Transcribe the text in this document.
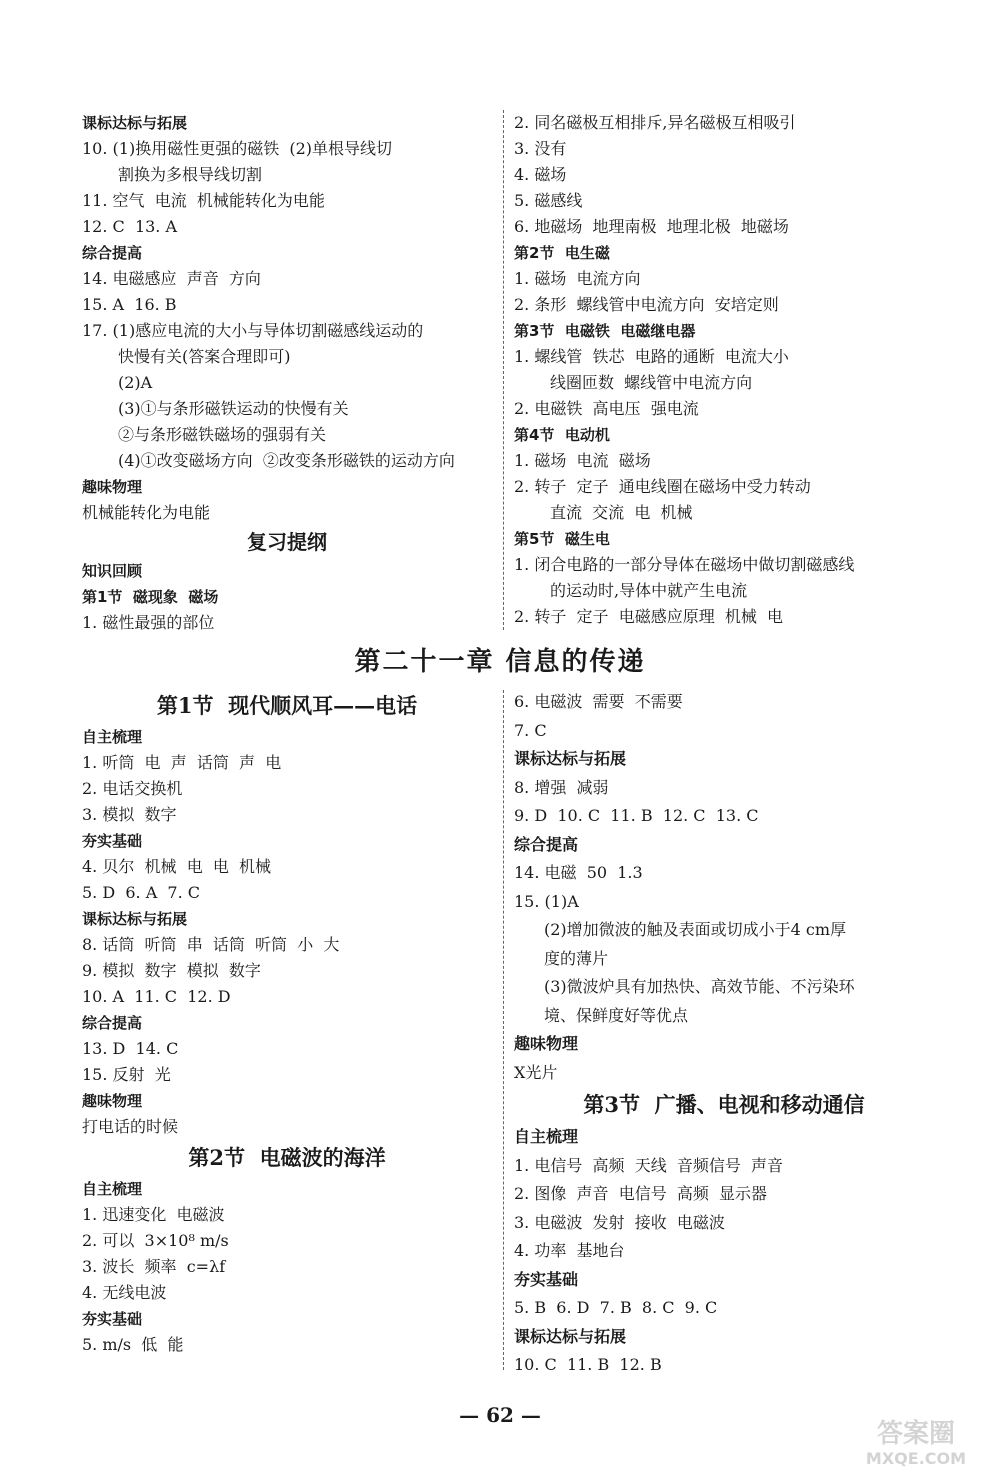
课标达标与拓展
10. (1)换用磁性更强的磁铁  (2)单根导线切
割换为多根导线切割
11. 空气  电流  机械能转化为电能
12. C  13. A
综合提高
14. 电磁感应  声音  方向
15. A  16. B
17. (1)感应电流的大小与导体切割磁感线运动的
快慢有关(答案合理即可)
(2)A
(3)①与条形磁铁运动的快慢有关
②与条形磁铁磁场的强弱有关
(4)①改变磁场方向  ②改变条形磁铁的运动方向
趣味物理
机械能转化为电能
复习提纲
知识回顾
第1节  磁现象  磁场
1. 磁性最强的部位
2. 同名磁极互相排斥,异名磁极互相吸引
3. 没有
4. 磁场
5. 磁感线
6. 地磁场  地理南极  地理北极  地磁场
第2节  电生磁
1. 磁场  电流方向
2. 条形  螺线管中电流方向  安培定则
第3节  电磁铁  电磁继电器
1. 螺线管  铁芯  电路的通断  电流大小
线圈匝数  螺线管中电流方向
2. 电磁铁  高电压  强电流
第4节  电动机
1. 磁场  电流  磁场
2. 转子  定子  通电线圈在磁场中受力转动
直流  交流  电  机械
第5节  磁生电
1. 闭合电路的一部分导体在磁场中做切割磁感线
的运动时,导体中就产生电流
2. 转子  定子  电磁感应原理  机械  电
第二十一章 信息的传递
第1节  现代顺风耳——电话
自主梳理
1. 听筒  电  声  话筒  声  电
2. 电话交换机
3. 模拟  数字
夯实基础
4. 贝尔  机械  电  电  机械
5. D  6. A  7. C
课标达标与拓展
8. 话筒  听筒  串  话筒  听筒  小  大
9. 模拟  数字  模拟  数字
10. A  11. C  12. D
综合提高
13. D  14. C
15. 反射  光
趣味物理
打电话的时候
第2节  电磁波的海洋
自主梳理
1. 迅速变化  电磁波
2. 可以  3×10⁸ m/s
3. 波长  频率  c=λf
4. 无线电波
夯实基础
5. m/s  低  能
6. 电磁波  需要  不需要
7. C
课标达标与拓展
8. 增强  减弱
9. D  10. C  11. B  12. C  13. C
综合提高
14. 电磁  50  1.3
15. (1)A
(2)增加微波的触及表面或切成小于4 cm厚
度的薄片
(3)微波炉具有加热快、高效节能、不污染环
境、保鲜度好等优点
趣味物理
X光片
第3节  广播、电视和移动通信
自主梳理
1. 电信号  高频  天线  音频信号  声音
2. 图像  声音  电信号  高频  显示器
3. 电磁波  发射  接收  电磁波
4. 功率  基地台
夯实基础
5. B  6. D  7. B  8. C  9. C
课标达标与拓展
10. C  11. B  12. B
— 62 —
答案圈
MXQE.COM
